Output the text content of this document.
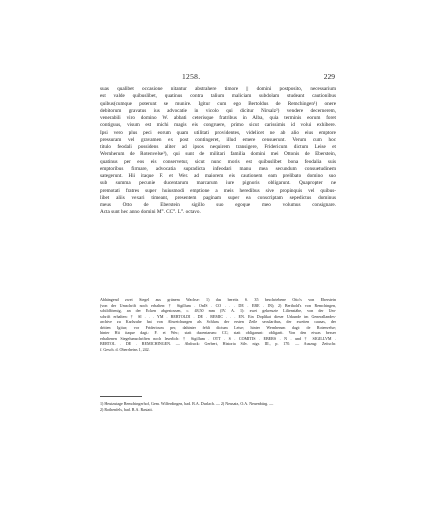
1258.	229
suas qualibet occasione nitantur abstrahere timore || domini postposito, necessarium
est valde quibuslibet, quatinus contra talium maliciam subdolam studeant cautionibus
quibus(cumque poterunt se munire. Igitur cum ego Bertoldus de Remchingen¹) onere
debitorum gravatus ius advocatie in vicolo qui dicitur Nirsalz²) vendere decernerem,
venerabili viro domino W. abbati ceterisque fratribus in Alba, quia terminis eorum foret
contiguus, visum est michi magis eis congruere, primo sicut carissimis id volui exhibere.
Ipsi vero plus peci eorum quam utilitati providentes, videlicet ne ab alio eius emptore
pressuram vel gravamen ex post contingeret, illud emere censuerunt. Verum cum hoc
titulo feodali possidens aliter ad ipsos nequirem transigere, Fridericum dictum Leise et
Wernherum de Rotenvelse³), qui sunt de militari familia domini mei Ottonis de Eberstein,
quatinus per eos eis conservetur, sicut nunc moris est quibuslibet bona feodalia suis
emptoribus firmare, advocatia supradicta infeodari manu mea secundum consuetudinem
sategerunt. Hii itaque F. et Wer. ad maiorem eis cautionem eam prelibato domino suo
sub summa pecunie ducentarum marcarum iure pignoris obligarunt. Quapropter ne
premotati fratres super huiusmodi emptione a meis heredibus sive propinquis vel quibus-
libet aliis vexari timeant, presentem paginam super ea conscriptam sepedictus dominus
meus Otto de Eberstein sigillo suo egoque meo volumus consignare.
Acta sunt hec anno domini M°. CC°. L°. octavo.
Abhängend zwei Siegel aus grünem Wachse: 1) das bereits S. 35 beschriebene Otto's von Eberstein
(von der Umschrift noch erhalten: † Sigillum . OnIS . CO . . . DE . EBE . IN); 2) Berthold's von Remchingen,
schildförmig, an der Ecken abgestossen, c. 48,50 mm (IV. A. 1): zwei gekreuzte Lilienstäbe, von der Um-
schrift erhalten: † SI . . . YM . BERTOLDI . DE . REMIC . . . EN. Ein Doplikat dieser Urkunde im Generallandes-
archive zu Karlsruhe hat von Abweichungen als Schluss der ersten Zeile secularibus, der zweiten causas, der
dritten Igitur; vor Fridericum per, dahinter fehlt dictum Leise; hinter Wernherum dagt: de Rotenvelse;
hinter Hii itaque dagt.: F. et Wer.; statt ducentarum: CC; statt obligarunt: obligarit. Von den etwas besser
erhaltenen Siegelumschriften noch leserlich: † Sigillum . OTT . S . COMITIS . EBERS . N . und † SIGILLVM .
BERTOL . DE . REMICHINGEN. — Abdruck: Gerbert, Historia Silv. nigr. III., p. 170. — Auszug: Zeitschr.
f. Gesch. d. Oberrheins 1, 242.
1) Heutzutage Remchingerhof, Gem. Wilferdingen, bad. B.A. Durlach. — 2) Neusatz, O.A. Neuenbürg. —
2) Rothenfels, bad. B.A. Rastatt.
